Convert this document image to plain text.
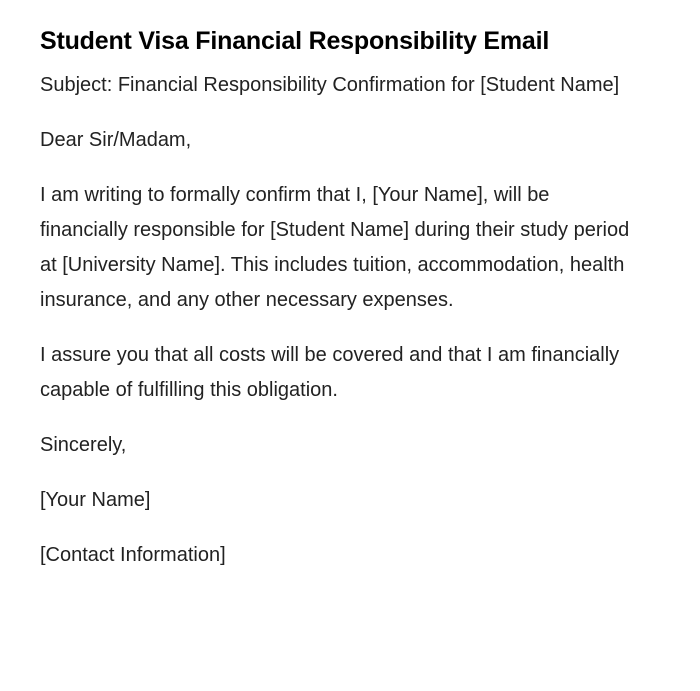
Student Visa Financial Responsibility Email

Subject: Financial Responsibility Confirmation for [Student Name]

Dear Sir/Madam,

I am writing to formally confirm that I, [Your Name], will be financially responsible for [Student Name] during their study period at [University Name]. This includes tuition, accommodation, health insurance, and any other necessary expenses.

I assure you that all costs will be covered and that I am financially capable of fulfilling this obligation.

Sincerely,

[Your Name]

[Contact Information]
